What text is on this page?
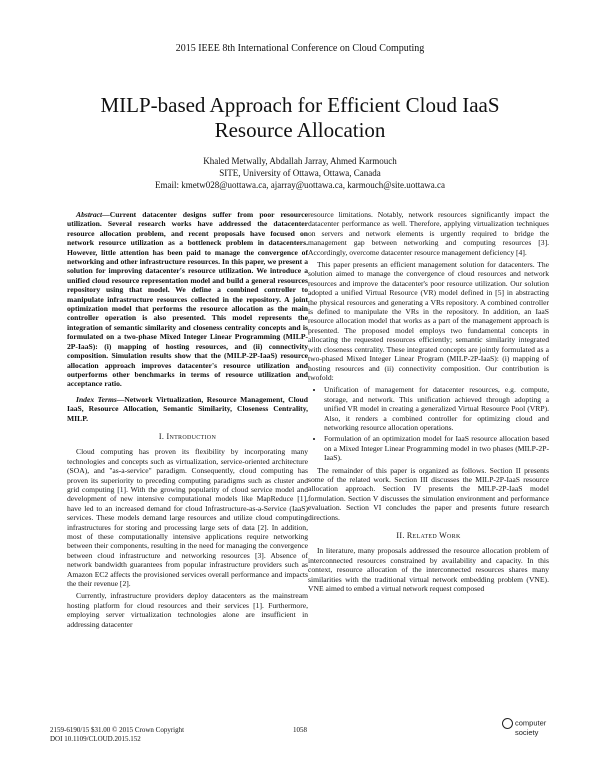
2015 IEEE 8th International Conference on Cloud Computing
MILP-based Approach for Efficient Cloud IaaS
Resource Allocation
Khaled Metwally, Abdallah Jarray, Ahmed Karmouch
SITE, University of Ottawa, Ottawa, Canada
Email: kmetw028@uottawa.ca, ajarray@uottawa.ca, karmouch@site.uottawa.ca

Abstract—Current datacenter designs suffer from poor resource utilization. Several research works have addressed the datacenter resource allocation problem, and recent proposals have focused on network resource utilization as a bottleneck problem in datacenters. However, little attention has been paid to manage the convergence of networking and other infrastructure resources. In this paper, we present a solution for improving datacenter's resource utilization. We introduce a unified cloud resource representation model and build a general resources repository using that model. We define a combined controller to manipulate infrastructure resources collected in the repository. A joint optimization model that performs the resource allocation as the main controller operation is also presented. This model represents the integration of semantic similarity and closeness centrality concepts and is formulated on a two-phase Mixed Integer Linear Programming (MILP-2P-IaaS): (i) mapping of hosting resources, and (ii) connectivity composition. Simulation results show that the (MILP-2P-IaaS) resource allocation approach improves datacenter's resource utilization and outperforms other benchmarks in terms of resource utilization and acceptance ratio.

Index Terms—Network Virtualization, Resource Management, Cloud IaaS, Resource Allocation, Semantic Similarity, Closeness Centrality, MILP.

I. Introduction

Cloud computing has proven its flexibility by incorporating many technologies and concepts such as virtualization, service-oriented architecture (SOA), and "as-a-service" paradigm. Consequently, cloud computing has proven its superiority to preceding computing paradigms such as cluster and grid computing [1]. With the growing popularity of cloud service model and development of new intensive computational models like MapReduce [1], have led to an increased demand for cloud Infrastructure-as-a-Service (IaaS) services. These models demand large resources and utilize cloud computing infrastructures for storing and processing large sets of data [2]. In addition, most of these computationally intensive applications require networking between their components, resulting in the need for managing the convergence between cloud infrastructure and networking resources [3]. Absence of network bandwidth guarantees from popular infrastructure providers such as Amazon EC2 affects the provisioned services overall performance and impacts the their revenue [2].

Currently, infrastructure providers deploy datacenters as the mainstream hosting platform for cloud resources and their services [1]. Furthermore, employing server virtualization technologies alone are insufficient in addressing datacenter

resource limitations. Notably, network resources significantly impact the datacenter performance as well. Therefore, applying virtualization techniques on servers and network elements is urgently required to bridge the management gap between networking and computing resources [3]. Accordingly, overcome datacenter resource management deficiency [4].

This paper presents an efficient management solution for datacenters. The solution aimed to manage the convergence of cloud resources and network resources and improve the datacenter's poor resource utilization. Our solution adopted a unified Virtual Resource (VR) model defined in [5] in abstracting the physical resources and generating a VRs repository. A combined controller is defined to manipulate the VRs in the repository. In addition, an IaaS resource allocation model that works as a part of the management approach is presented. The proposed model employs two fundamental concepts in allocating the requested resources efficiently; semantic similarity integrated with closeness centrality. These integrated concepts are jointly formulated as a two-phased Mixed Integer Linear Program (MILP-2P-IaaS): (i) mapping of hosting resources and (ii) connectivity composition. Our contribution is twofold:

• Unification of management for datacenter resources, e.g. compute, storage, and network. This unification achieved through adopting a unified VR model in creating a generalized Virtual Resource Pool (VRP). Also, it renders a combined controller for optimizing cloud and networking resource allocation operations.
• Formulation of an optimization model for IaaS resource allocation based on a Mixed Integer Linear Programming model in two phases (MILP-2P-IaaS).

The remainder of this paper is organized as follows. Section II presents some of the related work. Section III discusses the MILP-2P-IaaS resource allocation approach. Section IV presents the MILP-2P-IaaS model formulation. Section V discusses the simulation environment and performance evaluation. Section VI concludes the paper and presents future research directions.

II. Related Work

In literature, many proposals addressed the resource allocation problem of interconnected resources constrained by availability and capacity. In this context, resource allocation of the interconnected resources shares many similarities with the traditional virtual network embedding problem (VNE). VNE aimed to embed a virtual network request composed

2159-6190/15 $31.00 © 2015 Crown Copyright
DOI 10.1109/CLOUD.2015.152
1058
computer
society
